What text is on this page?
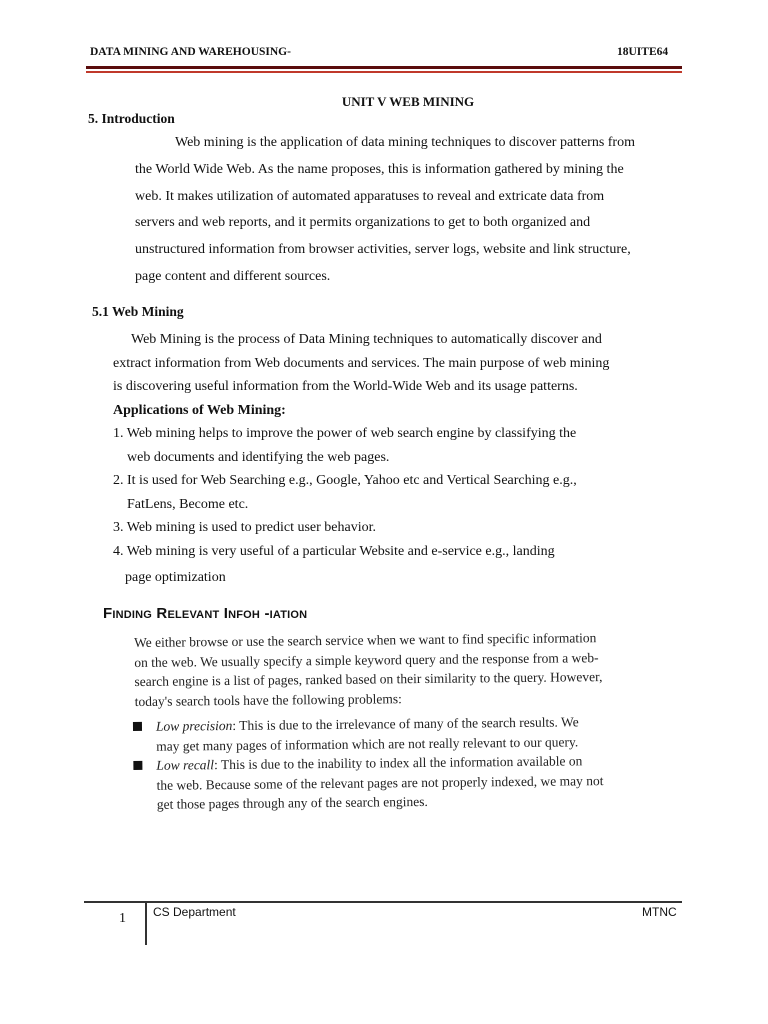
DATA MINING AND WAREHOUSING-	18UITE64
UNIT V WEB MINING
5. Introduction
Web mining is the application of data mining techniques to discover patterns from
the World Wide Web. As the name proposes, this is information gathered by mining the
web. It makes utilization of automated apparatuses to reveal and extricate data from
servers and web reports, and it permits organizations to get to both organized and
unstructured information from browser activities, server logs, website and link structure,
page content and different sources.
5.1 Web Mining
Web Mining is the process of Data Mining techniques to automatically discover and
extract information from Web documents and services. The main purpose of web mining
is discovering useful information from the World-Wide Web and its usage patterns.
Applications of Web Mining:
1. Web mining helps to improve the power of web search engine by classifying the
web documents and identifying the web pages.
2. It is used for Web Searching e.g., Google, Yahoo etc and Vertical Searching e.g.,
FatLens, Become etc.
3. Web mining is used to predict user behavior.
4. Web mining is very useful of a particular Website and e-service e.g., landing
page optimization
Finding Relevant Infoh -iation

We either browse or use the search service when we want to find specific information

on the web. We usually specify a simple keyword query and the response from a web-

search engine is a list of pages, ranked based on their similarity to the query. However,

today's search tools have the following problems:

Low precision: This is due to the irrelevance of many of the search results. We

may get many pages of information which are not really relevant to our query.

Low recall: This is due to the inability to index all the information available on

the web. Because some of the relevant pages are not properly indexed, we may not

get those pages through any of the search engines.

1 CS Department	MTNC
